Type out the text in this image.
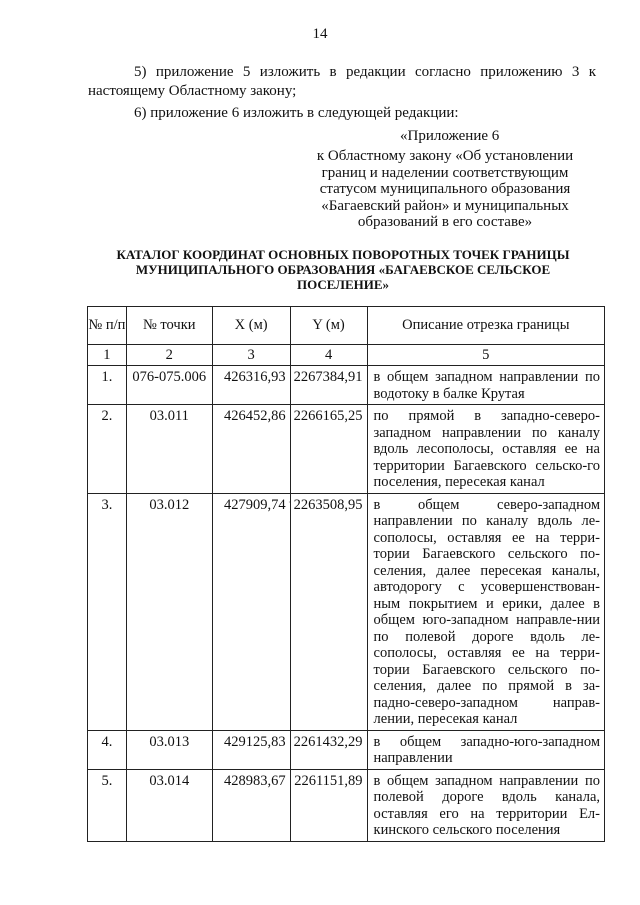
14
5) приложение 5 изложить в редакции согласно приложению 3 к настоящему Областному закону;
6) приложение 6 изложить в следующей редакции:
«Приложение 6
к Областному закону «Об установлении границ и наделении соответствующим статусом муниципального образования «Багаевский район» и муниципальных образований в его составе»
КАТАЛОГ КООРДИНАТ ОСНОВНЫХ ПОВОРОТНЫХ ТОЧЕК ГРАНИЦЫ МУНИЦИПАЛЬНОГО ОБРАЗОВАНИЯ «БАГАЕВСКОЕ СЕЛЬСКОЕ ПОСЕЛЕНИЕ»
№ п/п	№ точки	X (м)	Y (м)	Описание отрезка границы
1	2	3	4	5
1.	076-075.006	426316,93	2267384,91	в общем западном направлении по водотоку в балке Крутая
2.	03.011	426452,86	2266165,25	по прямой в западно-северо-западном направлении по каналу вдоль лесополосы, оставляя ее на территории Багаевского сельско-го поселения, пересекая канал
3.	03.012	427909,74	2263508,95	в общем северо-западном направлении по каналу вдоль ле-сополосы, оставляя ее на терри-тории Багаевского сельского по-селения, далее пересекая каналы, автодорогу с усовершенствован-ным покрытием и ерики, далее в общем юго-западном направле-нии по полевой дороге вдоль ле-сополосы, оставляя ее на терри-тории Багаевского сельского по-селения, далее по прямой в за-падно-северо-западном направ-лении, пересекая канал
4.	03.013	429125,83	2261432,29	в общем западно-юго-западном направлении
5.	03.014	428983,67	2261151,89	в общем западном направлении по полевой дороге вдоль канала, оставляя его на территории Ел-кинского сельского поселения
·
